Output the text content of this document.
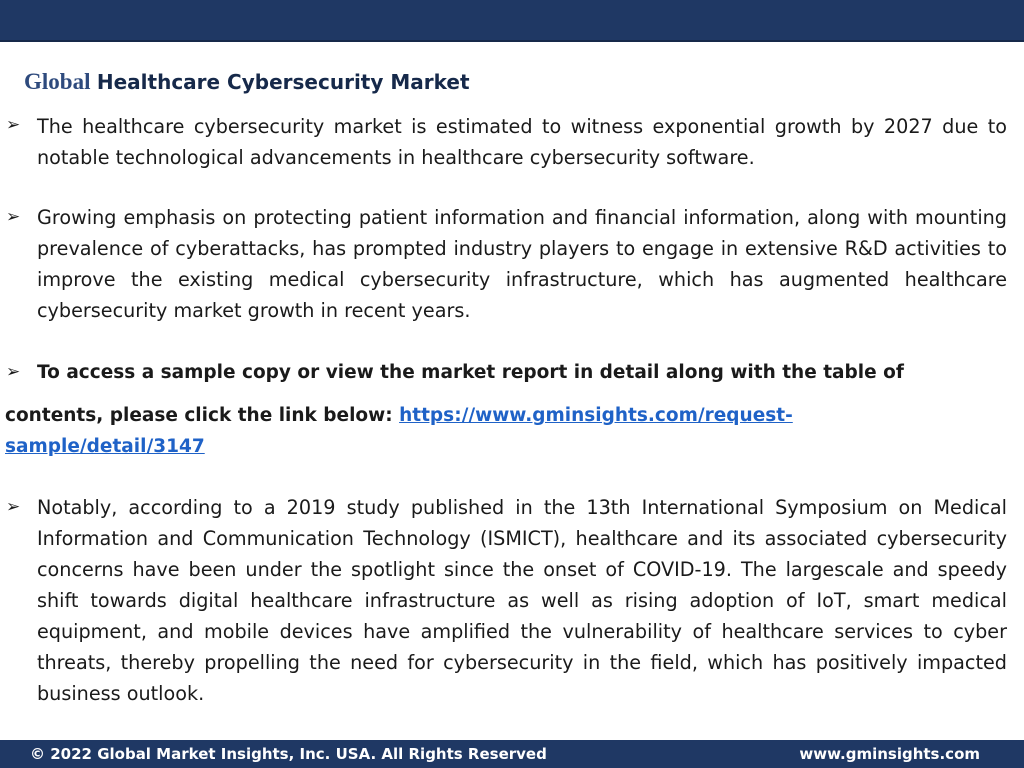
Global Healthcare Cybersecurity Market
➢ The healthcare cybersecurity market is estimated to witness exponential growth by 2027 due to notable technological advancements in healthcare cybersecurity software.
➢ Growing emphasis on protecting patient information and financial information, along with mounting prevalence of cyberattacks, has prompted industry players to engage in extensive R&D activities to improve the existing medical cybersecurity infrastructure, which has augmented healthcare cybersecurity market growth in recent years.
➢ To access a sample copy or view the market report in detail along with the table of
contents, please click the link below: https://www.gminsights.com/request-sample/detail/3147
➢ Notably, according to a 2019 study published in the 13th International Symposium on Medical Information and Communication Technology (ISMICT), healthcare and its associated cybersecurity concerns have been under the spotlight since the onset of COVID-19. The largescale and speedy shift towards digital healthcare infrastructure as well as rising adoption of IoT, smart medical equipment, and mobile devices have amplified the vulnerability of healthcare services to cyber threats, thereby propelling the need for cybersecurity in the field, which has positively impacted business outlook.
© 2022 Global Market Insights, Inc. USA. All Rights Reserved	www.gminsights.com
